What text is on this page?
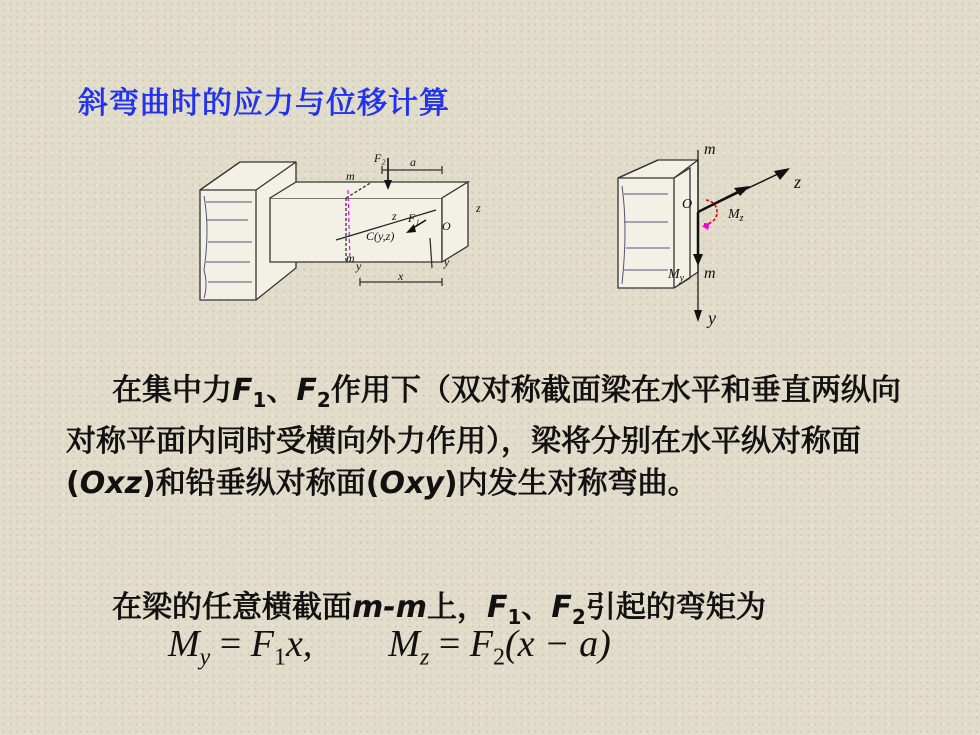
斜弯曲时的应力与位移计算
F₂ a
m
z F₁
O
z
C(y,z)
m
y	y
x
m
z
O
$M_z$
$M_y$ m
y
在集中力$F_1$、$F_2$作用下（双对称截面梁在水平和垂直两纵向对称平面内同时受横向外力作用），梁将分别在水平纵对称面(Oxz)和铅垂纵对称面(Oxy)内发生对称弯曲。
在梁的任意横截面m-m上，$F_1$、$F_2$引起的弯矩为
$M_y = F_1x$, $M_z = F_2(x - a)$
